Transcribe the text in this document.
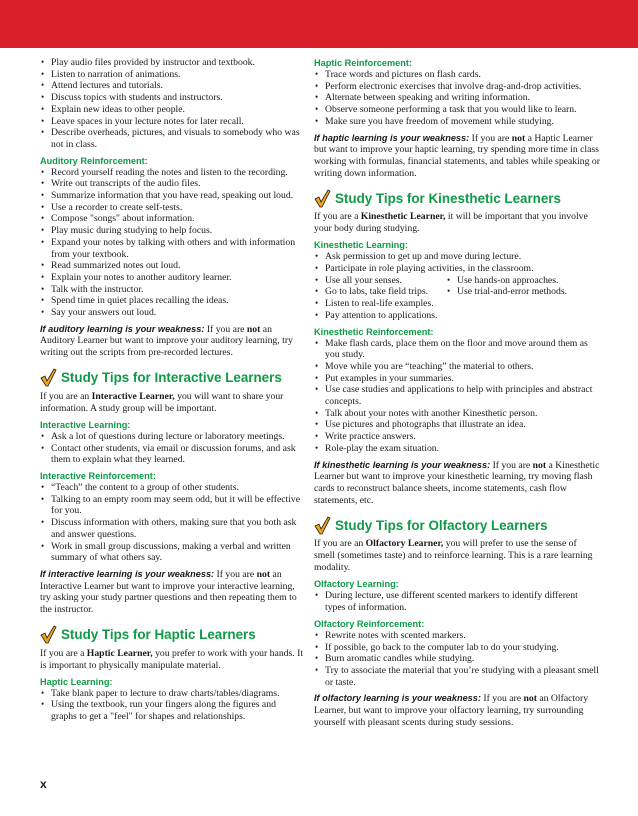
• Play audio files provided by instructor and textbook.
• Listen to narration of animations.
• Attend lectures and tutorials.
• Discuss topics with students and instructors.
• Explain new ideas to other people.
• Leave spaces in your lecture notes for later recall.
• Describe overheads, pictures, and visuals to somebody who was not in class.
Auditory Reinforcement:
• Record yourself reading the notes and listen to the recording.
• Write out transcripts of the audio files.
• Summarize information that you have read, speaking out loud.
• Use a recorder to create self-tests.
• Compose "songs" about information.
• Play music during studying to help focus.
• Expand your notes by talking with others and with information from your textbook.
• Read summarized notes out loud.
• Explain your notes to another auditory learner.
• Talk with the instructor.
• Spend time in quiet places recalling the ideas.
• Say your answers out loud.

If auditory learning is your weakness: If you are not an Auditory Learner but want to improve your auditory learning, try writing out the scripts from pre-recorded lectures.

Study Tips for Interactive Learners

If you are an Interactive Learner, you will want to share your information. A study group will be important.

Interactive Learning:
• Ask a lot of questions during lecture or laboratory meetings.
• Contact other students, via email or discussion forums, and ask them to explain what they learned.
Interactive Reinforcement:
• “Teach” the content to a group of other students.
• Talking to an empty room may seem odd, but it will be effective for you.
• Discuss information with others, making sure that you both ask and answer questions.
• Work in small group discussions, making a verbal and written summary of what others say.

If interactive learning is your weakness: If you are not an Interactive Learner but want to improve your interactive learning, try asking your study partner questions and then repeating them to the instructor.

Study Tips for Haptic Learners

If you are a Haptic Learner, you prefer to work with your hands. It is important to physically manipulate material.

Haptic Learning:
• Take blank paper to lecture to draw charts/tables/diagrams.
• Using the textbook, run your fingers along the figures and graphs to get a "feel" for shapes and relationships.
x
Haptic Reinforcement:
• Trace words and pictures on flash cards.
• Perform electronic exercises that involve drag-and-drop activities.
• Alternate between speaking and writing information.
• Observe someone performing a task that you would like to learn.
• Make sure you have freedom of movement while studying.

If haptic learning is your weakness: If you are not a Haptic Learner but want to improve your haptic learning, try spending more time in class working with formulas, financial statements, and tables while speaking or writing down information.

Study Tips for Kinesthetic Learners

If you are a Kinesthetic Learner, it will be important that you involve your body during studying.

Kinesthetic Learning:
• Ask permission to get up and move during lecture.
• Participate in role playing activities, in the classroom.
• Use all your senses.	• Use hands-on approaches.
• Go to labs, take field trips.	• Use trial-and-error methods.
• Listen to real-life examples.
• Pay attention to applications.
Kinesthetic Reinforcement:
• Make flash cards, place them on the floor and move around them as you study.
• Move while you are “teaching” the material to others.
• Put examples in your summaries.
• Use case studies and applications to help with principles and abstract concepts.
• Talk about your notes with another Kinesthetic person.
• Use pictures and photographs that illustrate an idea.
• Write practice answers.
• Role-play the exam situation.

If kinesthetic learning is your weakness: If you are not a Kinesthetic Learner but want to improve your kinesthetic learning, try moving flash cards to reconstruct balance sheets, income statements, cash flow statements, etc.

Study Tips for Olfactory Learners

If you are an Olfactory Learner, you will prefer to use the sense of smell (sometimes taste) and to reinforce learning. This is a rare learning modality.

Olfactory Learning:
• During lecture, use different scented markers to identify different types of information.
Olfactory Reinforcement:
• Rewrite notes with scented markers.
• If possible, go back to the computer lab to do your studying.
• Burn aromatic candles while studying.
• Try to associate the material that you’re studying with a pleasant smell or taste.

If olfactory learning is your weakness: If you are not an Olfactory Learner, but want to improve your olfactory learning, try surrounding yourself with pleasant scents during study sessions.
